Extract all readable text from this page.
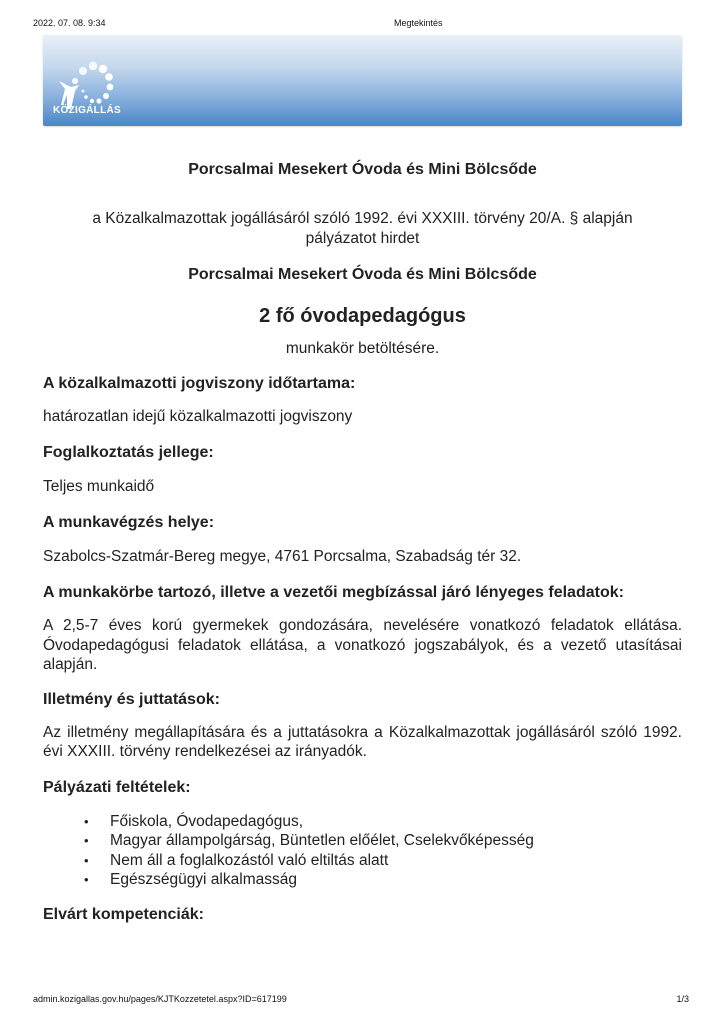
2022. 07. 08. 9:34	Megtekintés
KÖZIGÁLLÁS
Porcsalmai Mesekert Óvoda és Mini Bölcsőde
a Közalkalmazottak jogállásáról szóló 1992. évi XXXIII. törvény 20/A. § alapján
pályázatot hirdet
Porcsalmai Mesekert Óvoda és Mini Bölcsőde
2 fő óvodapedagógus
munkakör betöltésére.

A közalkalmazotti jogviszony időtartama:

határozatlan idejű közalkalmazotti jogviszony

Foglalkoztatás jellege:

Teljes munkaidő

A munkavégzés helye:

Szabolcs-Szatmár-Bereg megye, 4761 Porcsalma, Szabadság tér 32.

A munkakörbe tartozó, illetve a vezetői megbízással járó lényeges feladatok:

A 2,5-7 éves korú gyermekek gondozására, nevelésére vonatkozó feladatok ellátása. Óvodapedagógusi feladatok ellátása, a vonatkozó jogszabályok, és a vezető utasításai alapján.

Illetmény és juttatások:

Az illetmény megállapítására és a juttatásokra a Közalkalmazottak jogállásáról szóló 1992. évi XXXIII. törvény rendelkezései az irányadók.

Pályázati feltételek:

• Főiskola, Óvodapedagógus,
• Magyar állampolgárság, Büntetlen előélet, Cselekvőképesség
• Nem áll a foglalkozástól való eltiltás alatt
• Egészségügyi alkalmasság

Elvárt kompetenciák:

admin.kozigallas.gov.hu/pages/KJTKozzetetel.aspx?ID=617199	1/3
